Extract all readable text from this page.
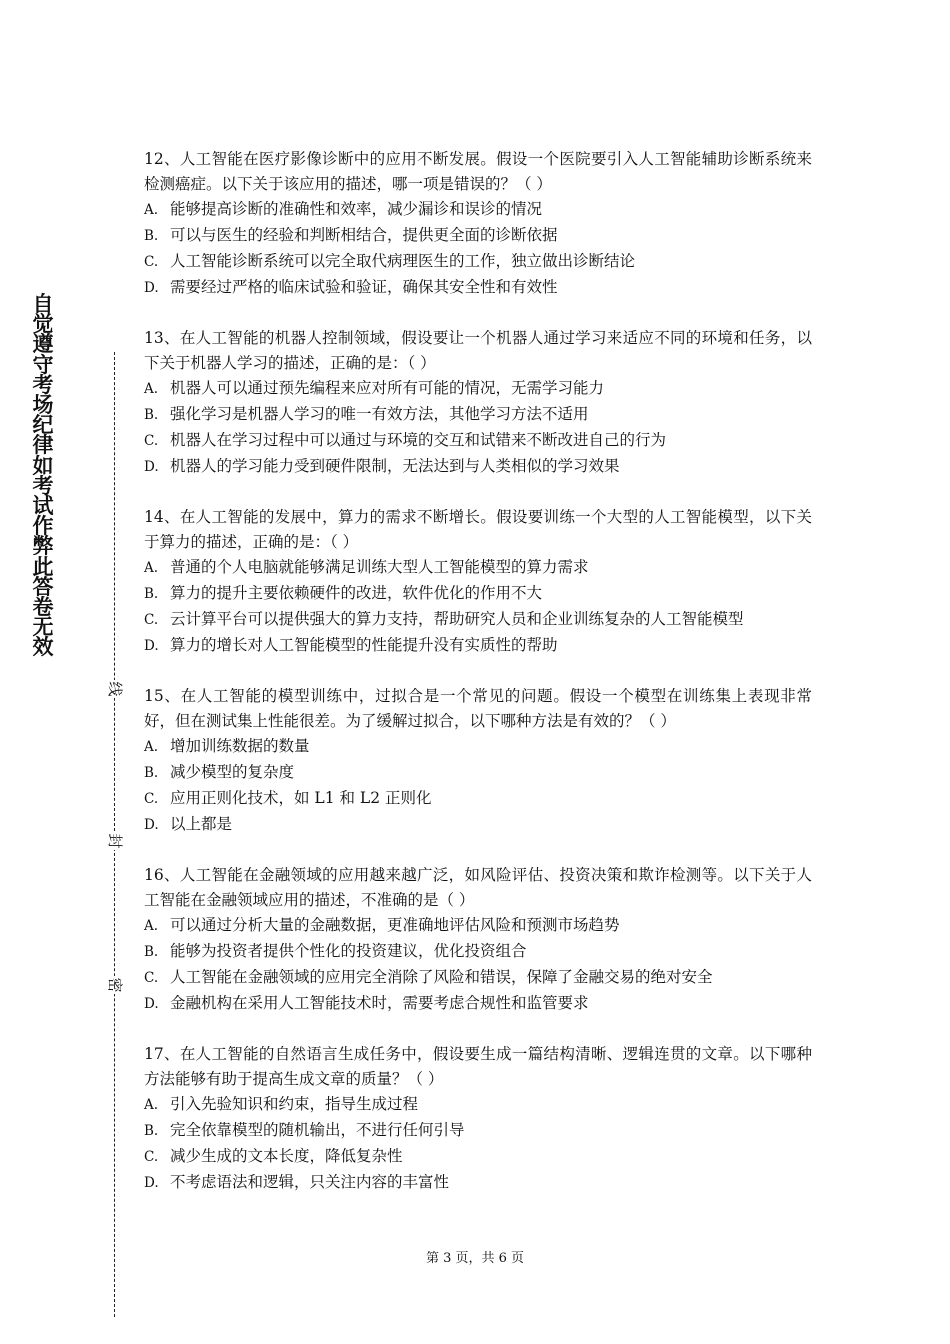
自觉遵守考场纪律如考试作弊此答卷无效
线
封
密
12、人工智能在医疗影像诊断中的应用不断发展。假设一个医院要引入人工智能辅助诊断系统来检测癌症。以下关于该应用的描述，哪一项是错误的？（ ）
A. 能够提高诊断的准确性和效率，减少漏诊和误诊的情况
B. 可以与医生的经验和判断相结合，提供更全面的诊断依据
C. 人工智能诊断系统可以完全取代病理医生的工作，独立做出诊断结论
D. 需要经过严格的临床试验和验证，确保其安全性和有效性
13、在人工智能的机器人控制领域，假设要让一个机器人通过学习来适应不同的环境和任务，以下关于机器人学习的描述，正确的是：（ ）
A. 机器人可以通过预先编程来应对所有可能的情况，无需学习能力
B. 强化学习是机器人学习的唯一有效方法，其他学习方法不适用
C. 机器人在学习过程中可以通过与环境的交互和试错来不断改进自己的行为
D. 机器人的学习能力受到硬件限制，无法达到与人类相似的学习效果
14、在人工智能的发展中，算力的需求不断增长。假设要训练一个大型的人工智能模型，以下关于算力的描述，正确的是：（ ）
A. 普通的个人电脑就能够满足训练大型人工智能模型的算力需求
B. 算力的提升主要依赖硬件的改进，软件优化的作用不大
C. 云计算平台可以提供强大的算力支持，帮助研究人员和企业训练复杂的人工智能模型
D. 算力的增长对人工智能模型的性能提升没有实质性的帮助
15、在人工智能的模型训练中，过拟合是一个常见的问题。假设一个模型在训练集上表现非常好，但在测试集上性能很差。为了缓解过拟合，以下哪种方法是有效的？（ ）
A. 增加训练数据的数量
B. 减少模型的复杂度
C. 应用正则化技术，如 L1 和 L2 正则化
D. 以上都是
16、人工智能在金融领域的应用越来越广泛，如风险评估、投资决策和欺诈检测等。以下关于人工智能在金融领域应用的描述，不准确的是（ ）
A. 可以通过分析大量的金融数据，更准确地评估风险和预测市场趋势
B. 能够为投资者提供个性化的投资建议，优化投资组合
C. 人工智能在金融领域的应用完全消除了风险和错误，保障了金融交易的绝对安全
D. 金融机构在采用人工智能技术时，需要考虑合规性和监管要求
17、在人工智能的自然语言生成任务中，假设要生成一篇结构清晰、逻辑连贯的文章。以下哪种方法能够有助于提高生成文章的质量？（ ）
A. 引入先验知识和约束，指导生成过程
B. 完全依靠模型的随机输出，不进行任何引导
C. 减少生成的文本长度，降低复杂性
D. 不考虑语法和逻辑，只关注内容的丰富性
第 3 页，共 6 页
